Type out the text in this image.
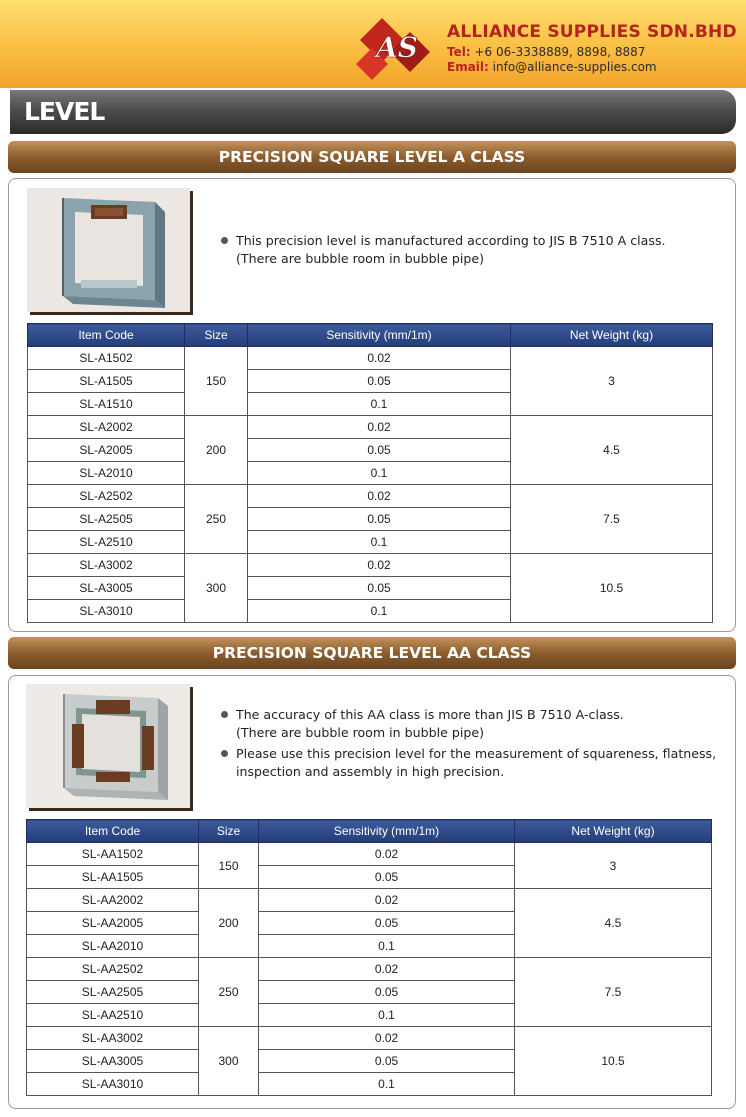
AS ALLIANCE SUPPLIES SDN.BHD
Tel: +6 06-3338889, 8898, 8887
Email: info@alliance-supplies.com
LEVEL
PRECISION SQUARE LEVEL A CLASS
This precision level is manufactured according to JIS B 7510 A class.
(There are bubble room in bubble pipe)
Item Code	Size	Sensitivity (mm/1m)	Net Weight (kg)
SL-A1502	150	0.02	3
SL-A1505		0.05	
SL-A1510		0.1	
SL-A2002	200	0.02	4.5
SL-A2005		0.05	
SL-A2010		0.1	
SL-A2502	250	0.02	7.5
SL-A2505		0.05	
SL-A2510		0.1	
SL-A3002	300	0.02	10.5
SL-A3005		0.05	
SL-A3010		0.1	
PRECISION SQUARE LEVEL AA CLASS
The accuracy of this AA class is more than JIS B 7510 A-class.
(There are bubble room in bubble pipe)
Please use this precision level for the measurement of squareness, flatness,
inspection and assembly in high precision.
Item Code	Size	Sensitivity (mm/1m)	Net Weight (kg)
SL-AA1502	150	0.02	3
SL-AA1505		0.05	
SL-AA2002	200	0.02	4.5
SL-AA2005		0.05	
SL-AA2010		0.1	
SL-AA2502	250	0.02	7.5
SL-AA2505		0.05	
SL-AA2510		0.1	
SL-AA3002	300	0.02	10.5
SL-AA3005		0.05	
SL-AA3010		0.1	
